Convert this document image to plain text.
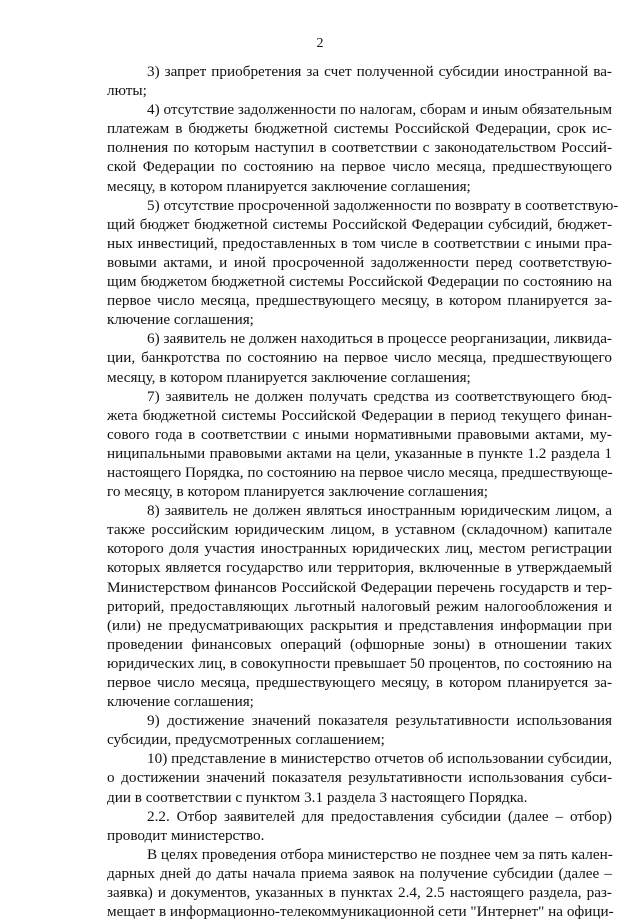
2
3) запрет приобретения за счет полученной субсидии иностранной ва-
люты;
4) отсутствие задолженности по налогам, сборам и иным обязательным
платежам в бюджеты бюджетной системы Российской Федерации, срок ис-
полнения по которым наступил в соответствии с законодательством Россий-
ской Федерации по состоянию на первое число месяца, предшествующего
месяцу, в котором планируется заключение соглашения;
5) отсутствие просроченной задолженности по возврату в соответствую-
щий бюджет бюджетной системы Российской Федерации субсидий, бюджет-
ных инвестиций, предоставленных в том числе в соответствии с иными пра-
вовыми актами, и иной просроченной задолженности перед соответствую-
щим бюджетом бюджетной системы Российской Федерации по состоянию на
первое число месяца, предшествующего месяцу, в котором планируется за-
ключение соглашения;
6) заявитель не должен находиться в процессе реорганизации, ликвида-
ции, банкротства по состоянию на первое число месяца, предшествующего
месяцу, в котором планируется заключение соглашения;
7) заявитель не должен получать средства из соответствующего бюд-
жета бюджетной системы Российской Федерации в период текущего финан-
сового года в соответствии с иными нормативными правовыми актами, му-
ниципальными правовыми актами на цели, указанные в пункте 1.2 раздела 1
настоящего Порядка, по состоянию на первое число месяца, предшествующе-
го месяцу, в котором планируется заключение соглашения;
8) заявитель не должен являться иностранным юридическим лицом, а
также российским юридическим лицом, в уставном (складочном) капитале
которого доля участия иностранных юридических лиц, местом регистрации
которых является государство или территория, включенные в утверждаемый
Министерством финансов Российской Федерации перечень государств и тер-
риторий, предоставляющих льготный налоговый режим налогообложения и
(или) не предусматривающих раскрытия и представления информации при
проведении финансовых операций (офшорные зоны) в отношении таких
юридических лиц, в совокупности превышает 50 процентов, по состоянию на
первое число месяца, предшествующего месяцу, в котором планируется за-
ключение соглашения;
9) достижение значений показателя результативности использования
субсидии, предусмотренных соглашением;
10) представление в министерство отчетов об использовании субсидии,
о достижении значений показателя результативности использования субси-
дии в соответствии с пунктом 3.1 раздела 3 настоящего Порядка.
2.2. Отбор заявителей для предоставления субсидии (далее – отбор)
проводит министерство.
В целях проведения отбора министерство не позднее чем за пять кален-
дарных дней до даты начала приема заявок на получение субсидии (далее –
заявка) и документов, указанных в пунктах 2.4, 2.5 настоящего раздела, раз-
мещает в информационно-телекоммуникационной сети "Интернет" на офици-
